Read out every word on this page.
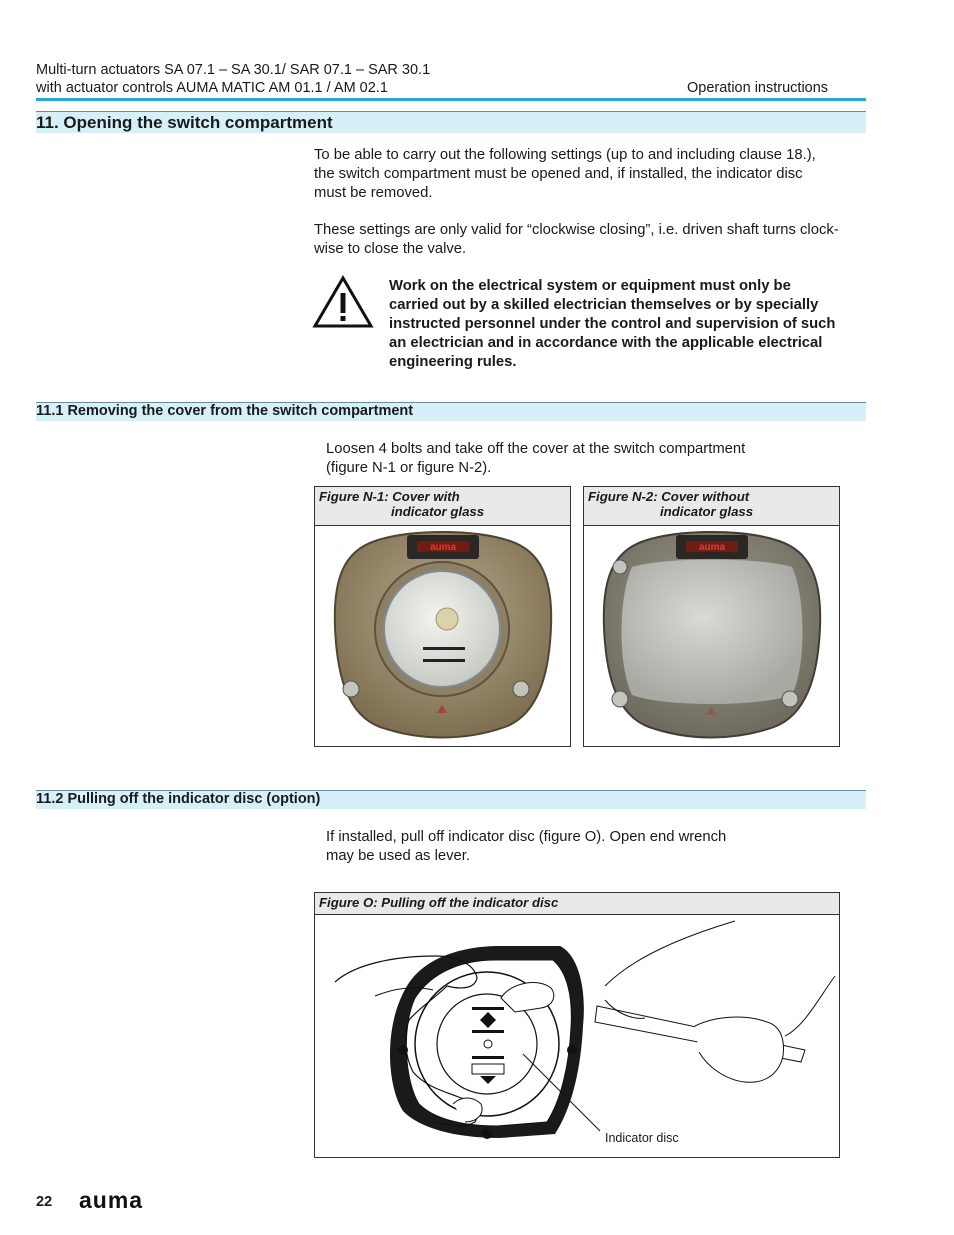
Multi-turn actuators SA 07.1 – SA 30.1/ SAR 07.1 – SAR 30.1
with actuator controls AUMA MATIC AM 01.1 / AM 02.1	Operation instructions
11. Opening the switch compartment
To be able to carry out the following settings (up to and including clause 18.),
the switch compartment must be opened and, if installed, the indicator disc
must be removed.
These settings are only valid for “clockwise closing”, i.e. driven shaft turns clock-
wise to close the valve.
Work on the electrical system or equipment must only be
carried out by a skilled electrician themselves or by specially
instructed personnel under the control and supervision of such
an electrician and in accordance with the applicable electrical
engineering rules.
11.1 Removing the cover from the switch compartment
Loosen 4 bolts and take off the cover at the switch compartment
(figure N-1 or figure N-2).
Figure N-1: Cover with
indicator glass
auma
Figure N-2: Cover without
indicator glass
auma
11.2 Pulling off the indicator disc (option)
If installed, pull off indicator disc (figure O). Open end wrench
may be used as lever.
Figure O: Pulling off the indicator disc
Indicator disc
22 auma
